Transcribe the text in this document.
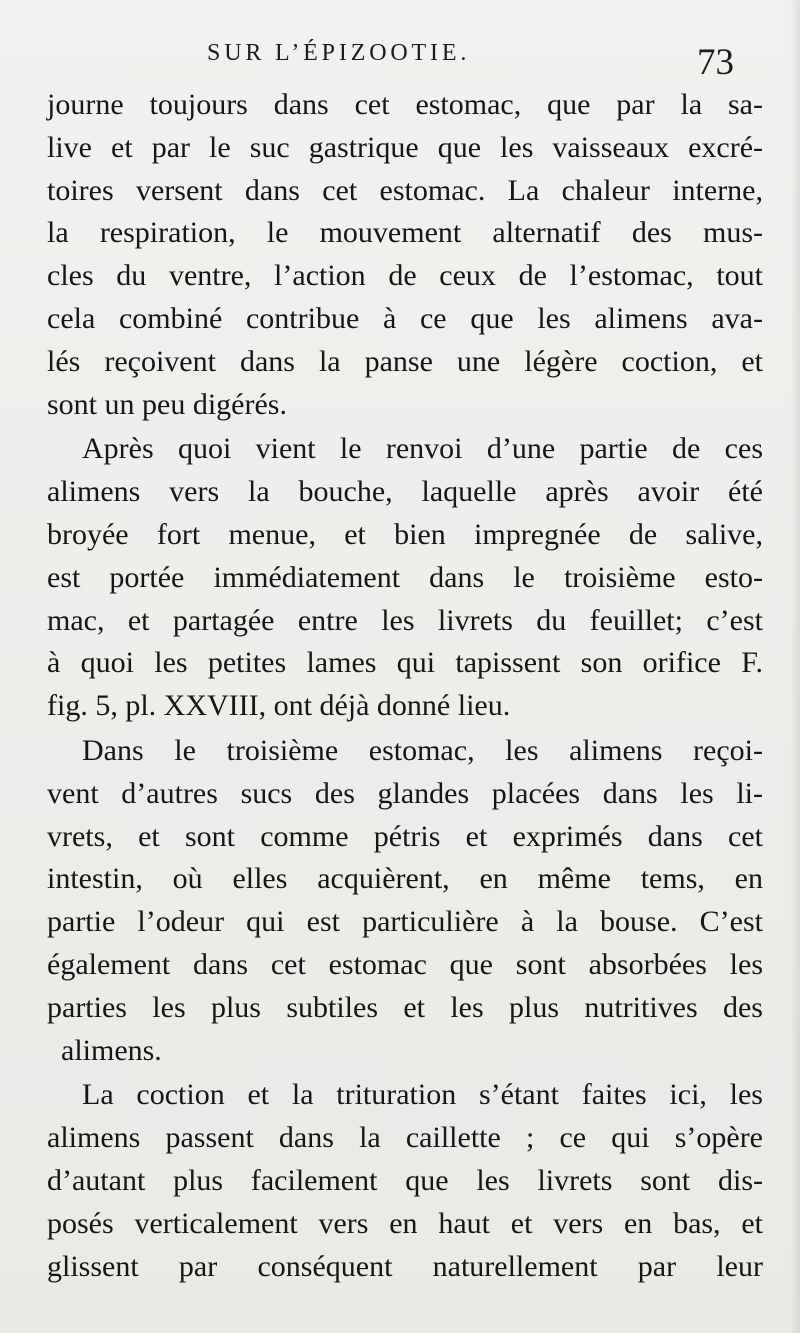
SUR L’ÉPIZOOTIE.	73
journe toujours dans cet estomac, que par la sa-
live et par le suc gastrique que les vaisseaux excré-
toires versent dans cet estomac. La chaleur interne,
la respiration, le mouvement alternatif des mus-
cles du ventre, l’action de ceux de l’estomac, tout
cela combiné contribue à ce que les alimens ava-
lés reçoivent dans la panse une légère coction, et
sont un peu digérés.
Après quoi vient le renvoi d’une partie de ces
alimens vers la bouche, laquelle après avoir été
broyée fort menue, et bien impregnée de salive,
est portée immédiatement dans le troisième esto-
mac, et partagée entre les livrets du feuillet; c’est
à quoi les petites lames qui tapissent son orifice F.
fig. 5, pl. XXVIII, ont déjà donné lieu.
Dans le troisième estomac, les alimens reçoi-
vent d’autres sucs des glandes placées dans les li-
vrets, et sont comme pétris et exprimés dans cet
intestin, où elles acquièrent, en même tems, en
partie l’odeur qui est particulière à la bouse. C’est
également dans cet estomac que sont absorbées les
parties les plus subtiles et les plus nutritives des
alimens.
La coction et la trituration s’étant faites ici, les
alimens passent dans la caillette ; ce qui s’opère
d’autant plus facilement que les livrets sont dis-
posés verticalement vers en haut et vers en bas, et
glissent par conséquent naturellement par leur
